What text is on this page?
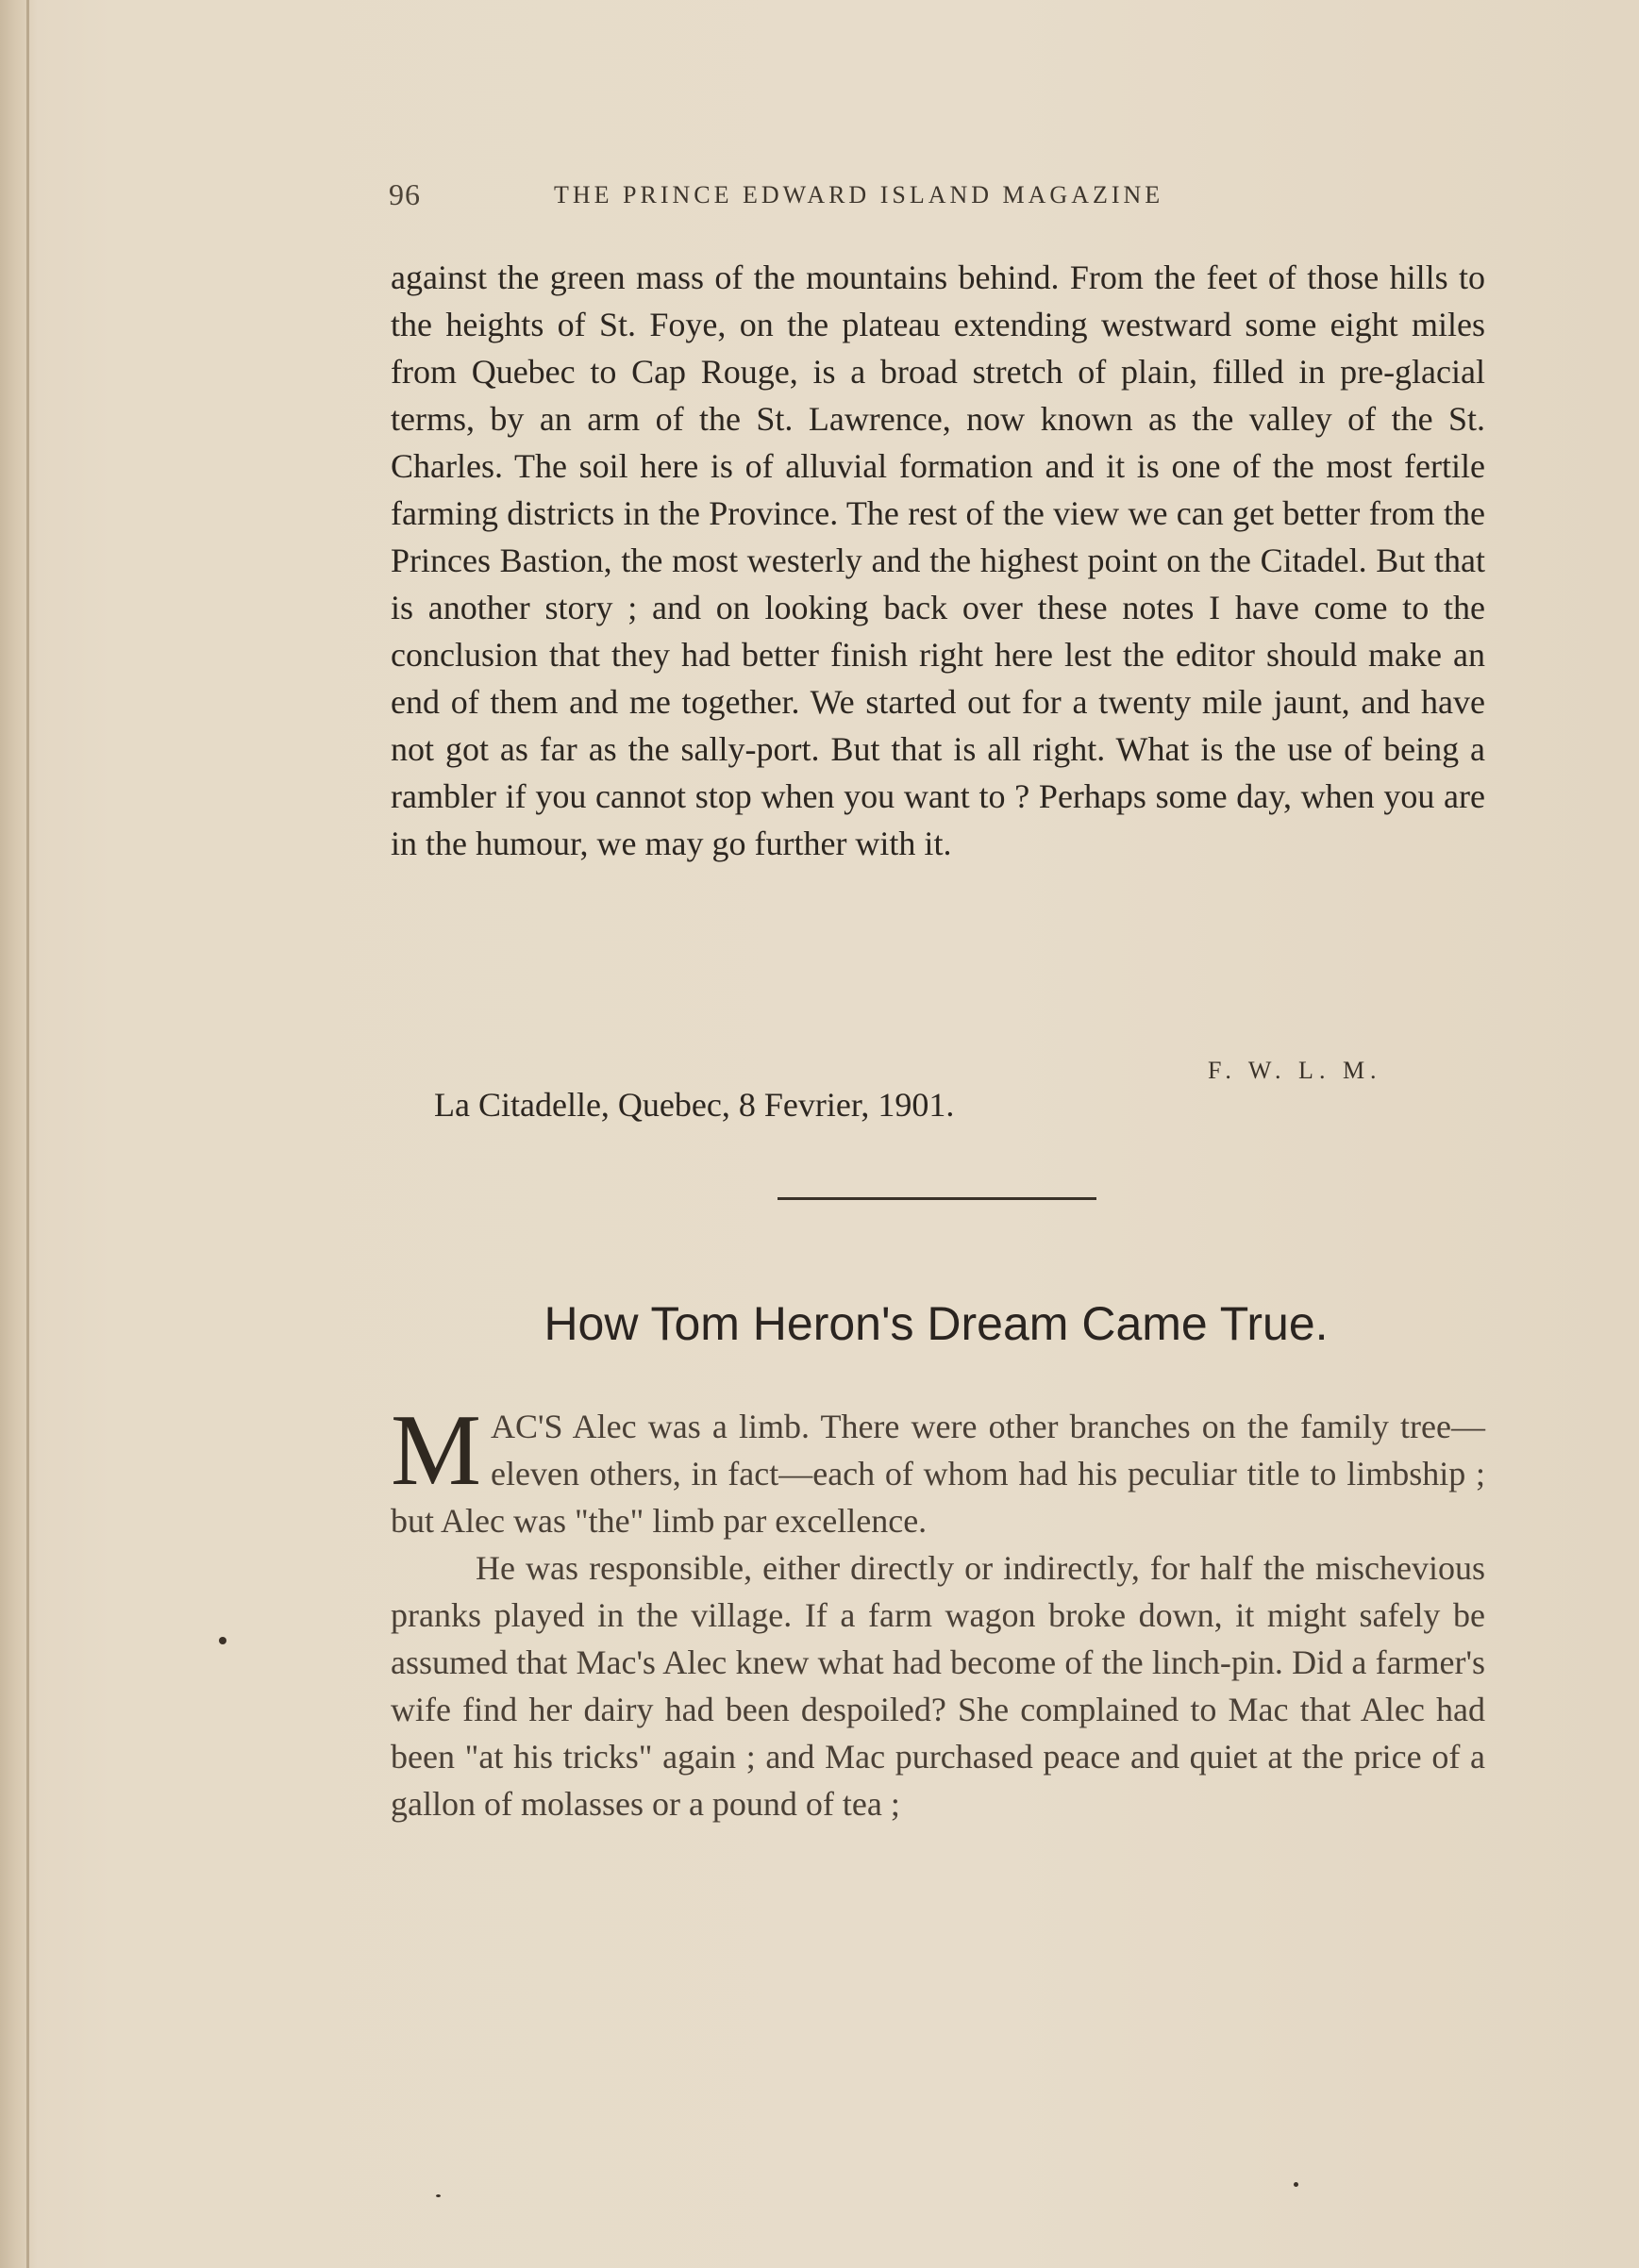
96	THE PRINCE EDWARD ISLAND MAGAZINE

against the green mass of the mountains behind. From the feet of those hills to the heights of St. Foye, on the plateau extending westward some eight miles from Quebec to Cap Rouge, is a broad stretch of plain, filled in pre-glacial terms, by an arm of the St. Lawrence, now known as the valley of the St. Charles. The soil here is of alluvial formation and it is one of the most fertile farming districts in the Province. The rest of the view we can get better from the Princes Bastion, the most westerly and the highest point on the Citadel. But that is another story ; and on looking back over these notes I have come to the conclusion that they had better finish right here lest the editor should make an end of them and me together. We started out for a twenty mile jaunt, and have not got as far as the sally-port. But that is all right. What is the use of being a rambler if you cannot stop when you want to ? Perhaps some day, when you are in the humour, we may go further with it.

F. W. L. M.
La Citadelle, Quebec, 8 Fevrier, 1901.
How Tom Heron's Dream Came True.

MAC'S Alec was a limb. There were other branches on the family tree—eleven others, in fact—each of whom had his peculiar title to limbship ; but Alec was "the" limb par excellence.

He was responsible, either directly or indirectly, for half the mischevious pranks played in the village. If a farm wagon broke down, it might safely be assumed that Mac's Alec knew what had become of the linch-pin. Did a farmer's wife find her dairy had been despoiled? She complained to Mac that Alec had been "at his tricks" again ; and Mac purchased peace and quiet at the price of a gallon of molasses or a pound of tea ;
